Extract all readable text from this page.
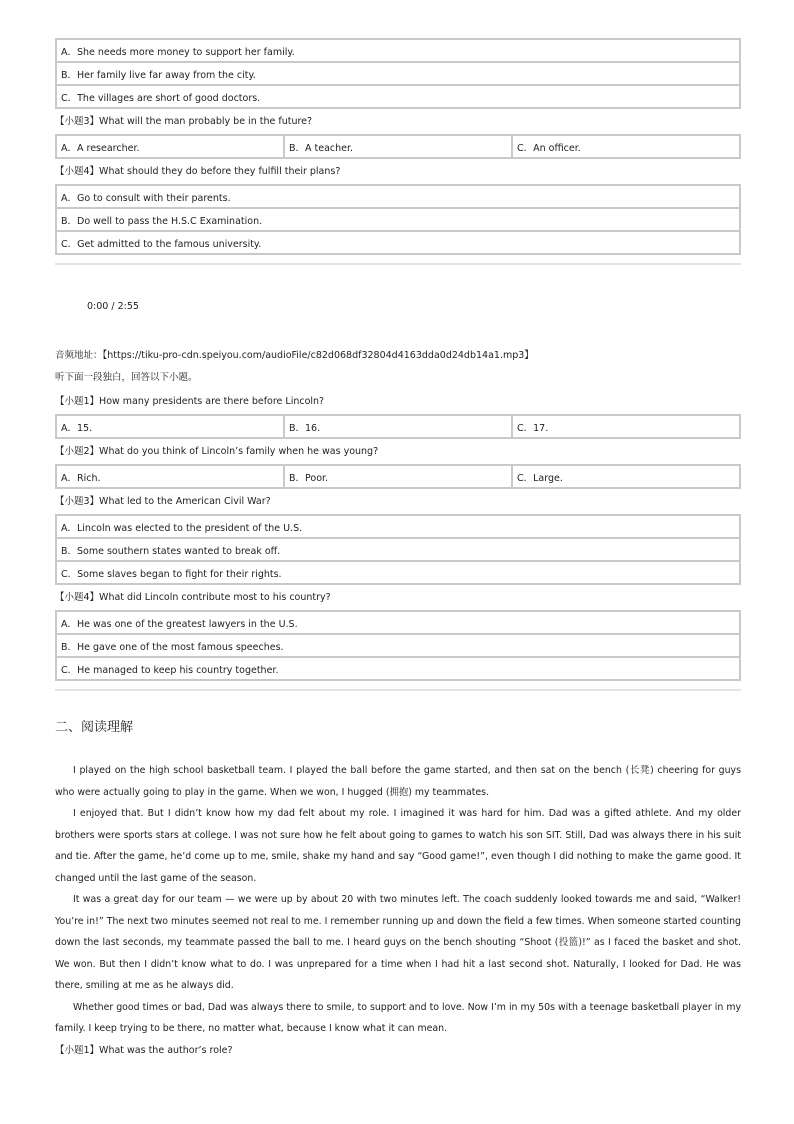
A．She needs more money to support her family.
B．Her family live far away from the city.
C．The villages are short of good doctors.
【小题3】What will the man probably be in the future?
A．A researcher.	B．A teacher.	C．An officer.
【小题4】What should they do before they fulfill their plans?
A．Go to consult with their parents.
B．Do well to pass the H.S.C Examination.
C．Get admitted to the famous university.
0:00 / 2:55
音频地址：【https://tiku-pro-cdn.speiyou.com/audioFile/c82d068df32804d4163dda0d24db14a1.mp3】
听下面一段独白，回答以下小题。
【小题1】How many presidents are there before Lincoln?
A．15.	B．16.	C．17.
【小题2】What do you think of Lincoln’s family when he was young?
A．Rich.	B．Poor.	C．Large.
【小题3】What led to the American Civil War?
A．Lincoln was elected to the president of the U.S.
B．Some southern states wanted to break off.
C．Some slaves began to fight for their rights.
【小题4】What did Lincoln contribute most to his country?
A．He was one of the greatest lawyers in the U.S.
B．He gave one of the most famous speeches.
C．He managed to keep his country together.
二、阅读理解

I played on the high school basketball team. I played the ball before the game started, and then sat on the bench (长凳) cheering for guys who were actually going to play in the game. When we won, I hugged (拥抱) my teammates.

I enjoyed that. But I didn’t know how my dad felt about my role. I imagined it was hard for him. Dad was a gifted athlete. And my older brothers were sports stars at college. I was not sure how he felt about going to games to watch his son SIT. Still, Dad was always there in his suit and tie. After the game, he’d come up to me, smile, shake my hand and say “Good game!”, even though I did nothing to make the game good. It changed until the last game of the season.

It was a great day for our team — we were up by about 20 with two minutes left. The coach suddenly looked towards me and said, “Walker! You’re in!” The next two minutes seemed not real to me. I remember running up and down the field a few times. When someone started counting down the last seconds, my teammate passed the ball to me. I heard guys on the bench shouting “Shoot (投篮)!” as I faced the basket and shot. We won. But then I didn’t know what to do. I was unprepared for a time when I had hit a last second shot. Naturally, I looked for Dad. He was there, smiling at me as he always did.

Whether good times or bad, Dad was always there to smile, to support and to love. Now I’m in my 50s with a teenage basketball player in my family. I keep trying to be there, no matter what, because I know what it can mean.

【小题1】What was the author’s role?
